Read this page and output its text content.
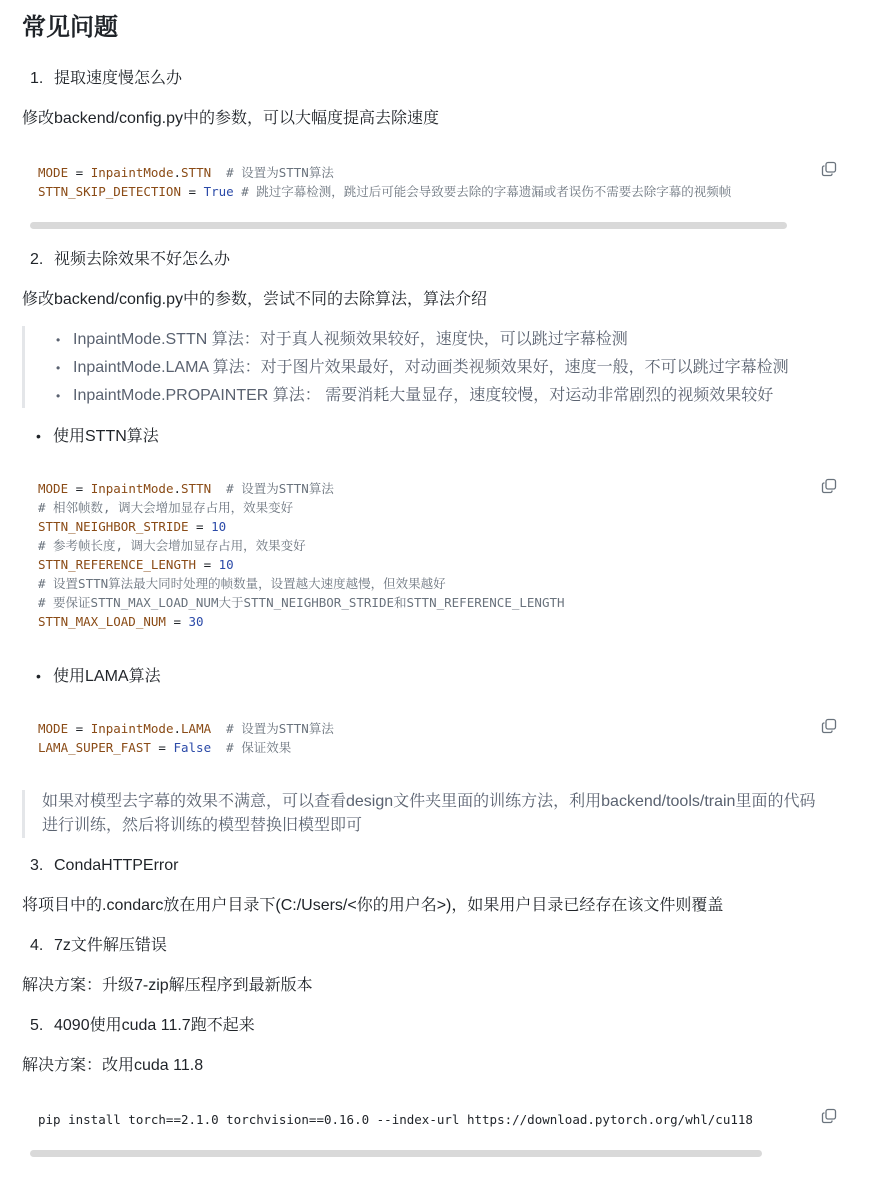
常见问题
1. 提取速度慢怎么办
修改backend/config.py中的参数，可以大幅度提高去除速度
MODE = InpaintMode.STTN  # 设置为STTN算法
STTN_SKIP_DETECTION = True # 跳过字幕检测，跳过后可能会导致要去除的字幕遗漏或者误伤不需要去除字幕的视频帧
2. 视频去除效果不好怎么办
修改backend/config.py中的参数，尝试不同的去除算法，算法介绍
• InpaintMode.STTN 算法：对于真人视频效果较好，速度快，可以跳过字幕检测
• InpaintMode.LAMA 算法：对于图片效果最好，对动画类视频效果好，速度一般，不可以跳过字幕检测
• InpaintMode.PROPAINTER 算法： 需要消耗大量显存，速度较慢，对运动非常剧烈的视频效果较好
• 使用STTN算法
MODE = InpaintMode.STTN  # 设置为STTN算法
# 相邻帧数, 调大会增加显存占用，效果变好
STTN_NEIGHBOR_STRIDE = 10
# 参考帧长度, 调大会增加显存占用，效果变好
STTN_REFERENCE_LENGTH = 10
# 设置STTN算法最大同时处理的帧数量，设置越大速度越慢，但效果越好
# 要保证STTN_MAX_LOAD_NUM大于STTN_NEIGHBOR_STRIDE和STTN_REFERENCE_LENGTH
STTN_MAX_LOAD_NUM = 30
• 使用LAMA算法
MODE = InpaintMode.LAMA  # 设置为STTN算法
LAMA_SUPER_FAST = False  # 保证效果
如果对模型去字幕的效果不满意，可以查看design文件夹里面的训练方法，利用backend/tools/train里面的代码
进行训练，然后将训练的模型替换旧模型即可
3. CondaHTTPError
将项目中的.condarc放在用户目录下(C:/Users/<你的用户名>)，如果用户目录已经存在该文件则覆盖
4. 7z文件解压错误
解决方案：升级7-zip解压程序到最新版本
5. 4090使用cuda 11.7跑不起来
解决方案：改用cuda 11.8
pip install torch==2.1.0 torchvision==0.16.0 --index-url https://download.pytorch.org/whl/cu118
